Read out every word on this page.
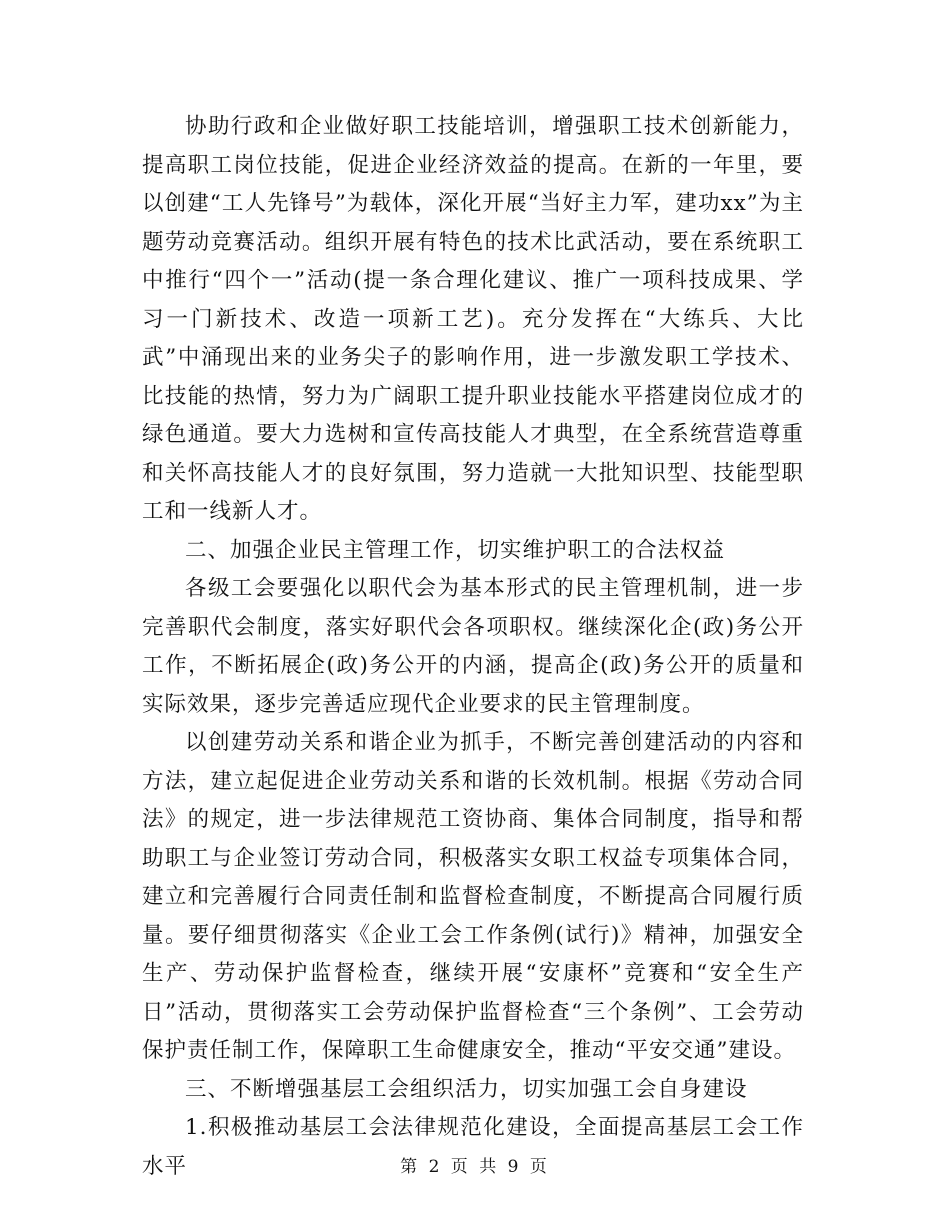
协助行政和企业做好职工技能培训，增强职工技术创新能力，提高职工岗位技能，促进企业经济效益的提高。在新的一年里，要以创建“工人先锋号”为载体，深化开展“当好主力军，建功xx”为主题劳动竞赛活动。组织开展有特色的技术比武活动，要在系统职工中推行“四个一”活动(提一条合理化建议、推广一项科技成果、学习一门新技术、改造一项新工艺)。充分发挥在“大练兵、大比武”中涌现出来的业务尖子的影响作用，进一步激发职工学技术、比技能的热情，努力为广阔职工提升职业技能水平搭建岗位成才的绿色通道。要大力选树和宣传高技能人才典型，在全系统营造尊重和关怀高技能人才的良好氛围，努力造就一大批知识型、技能型职工和一线新人才。

二、加强企业民主管理工作，切实维护职工的合法权益

各级工会要强化以职代会为基本形式的民主管理机制，进一步完善职代会制度，落实好职代会各项职权。继续深化企(政)务公开工作，不断拓展企(政)务公开的内涵，提高企(政)务公开的质量和实际效果，逐步完善适应现代企业要求的民主管理制度。

以创建劳动关系和谐企业为抓手，不断完善创建活动的内容和方法，建立起促进企业劳动关系和谐的长效机制。根据《劳动合同法》的规定，进一步法律规范工资协商、集体合同制度，指导和帮助职工与企业签订劳动合同，积极落实女职工权益专项集体合同，建立和完善履行合同责任制和监督检查制度，不断提高合同履行质量。要仔细贯彻落实《企业工会工作条例(试行)》精神，加强安全生产、劳动保护监督检查，继续开展“安康杯”竞赛和“安全生产日”活动，贯彻落实工会劳动保护监督检查“三个条例”、工会劳动保护责任制工作，保障职工生命健康安全，推动“平安交通”建设。

三、不断增强基层工会组织活力，切实加强工会自身建设

1.积极推动基层工会法律规范化建设，全面提高基层工会工作水平	第 2 页 共 9 页
